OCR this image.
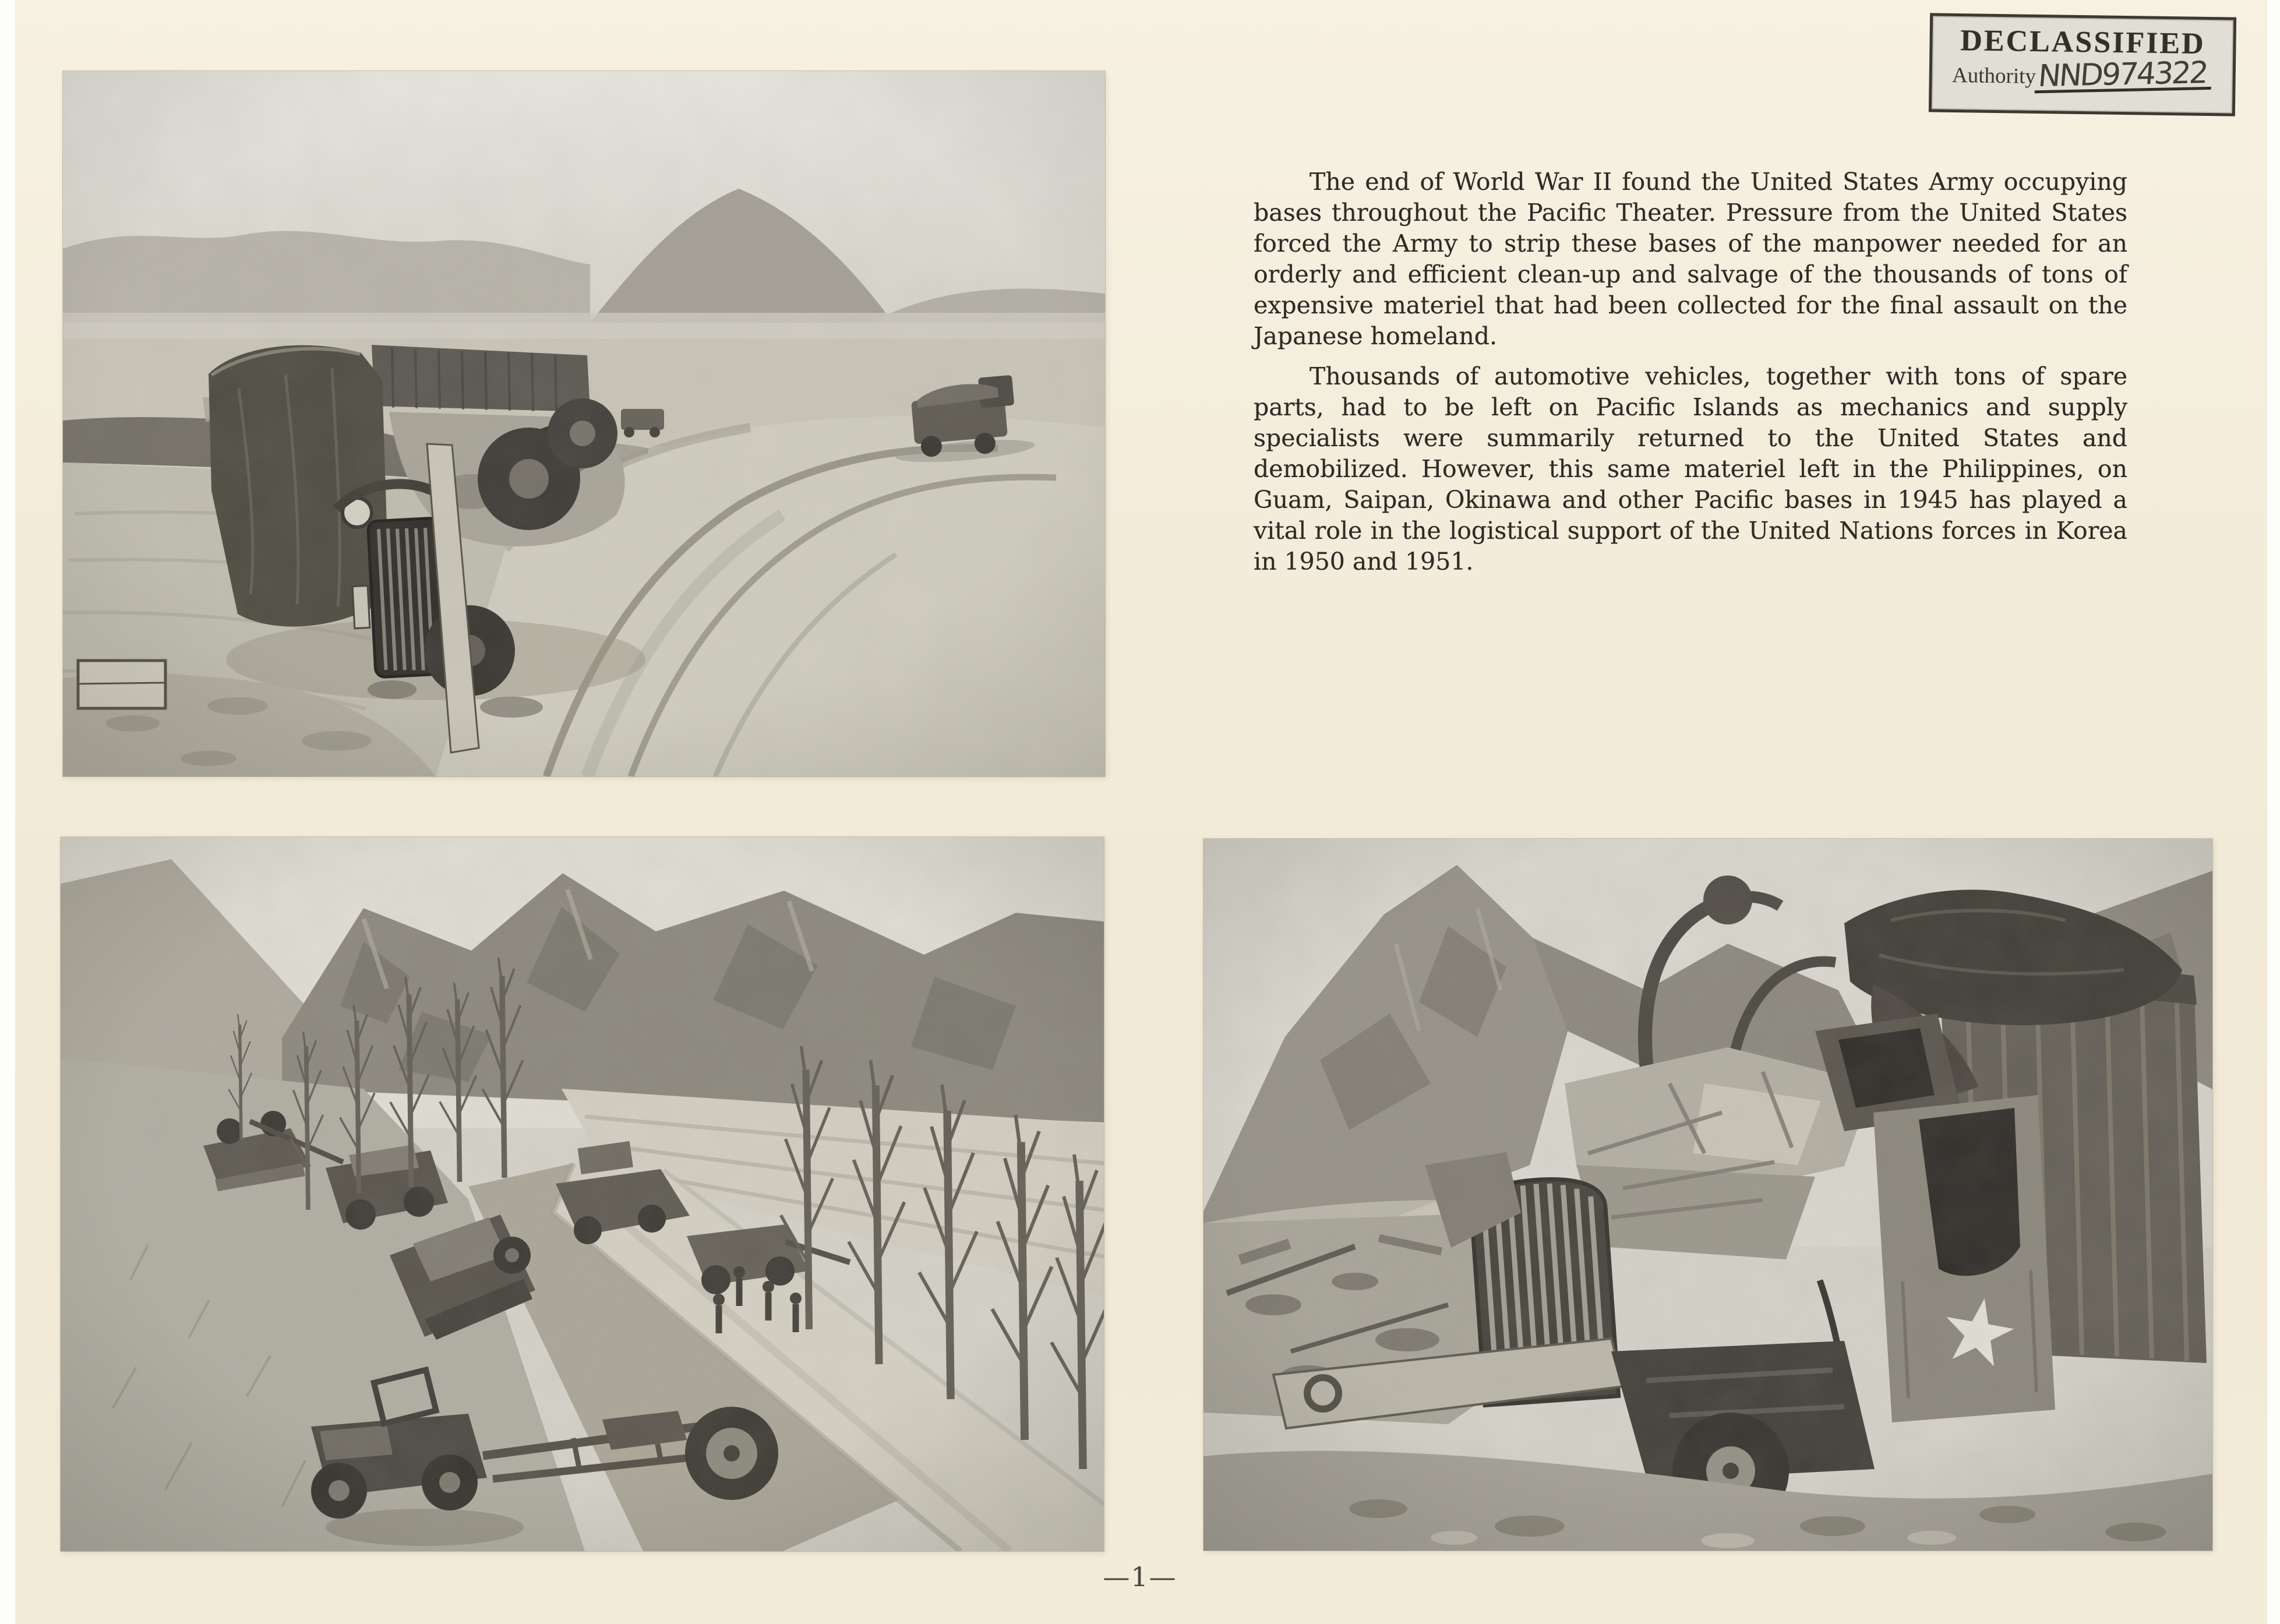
DECLASSIFIED
Authority NND974322

The end of World War II found the United States Army occupying bases throughout the Pacific Theater. Pressure from the United States forced the Army to strip these bases of the manpower needed for an orderly and efficient clean-up and salvage of the thousands of tons of expensive materiel that had been collected for the final assault on the Japanese homeland.

Thousands of automotive vehicles, together with tons of spare parts, had to be left on Pacific Islands as mechanics and supply specialists were summarily returned to the United States and demobilized. However, this same materiel left in the Philippines, on Guam, Saipan, Okinawa and other Pacific bases in 1945 has played a vital role in the logistical support of the United Nations forces in Korea in 1950 and 1951.

—1—
